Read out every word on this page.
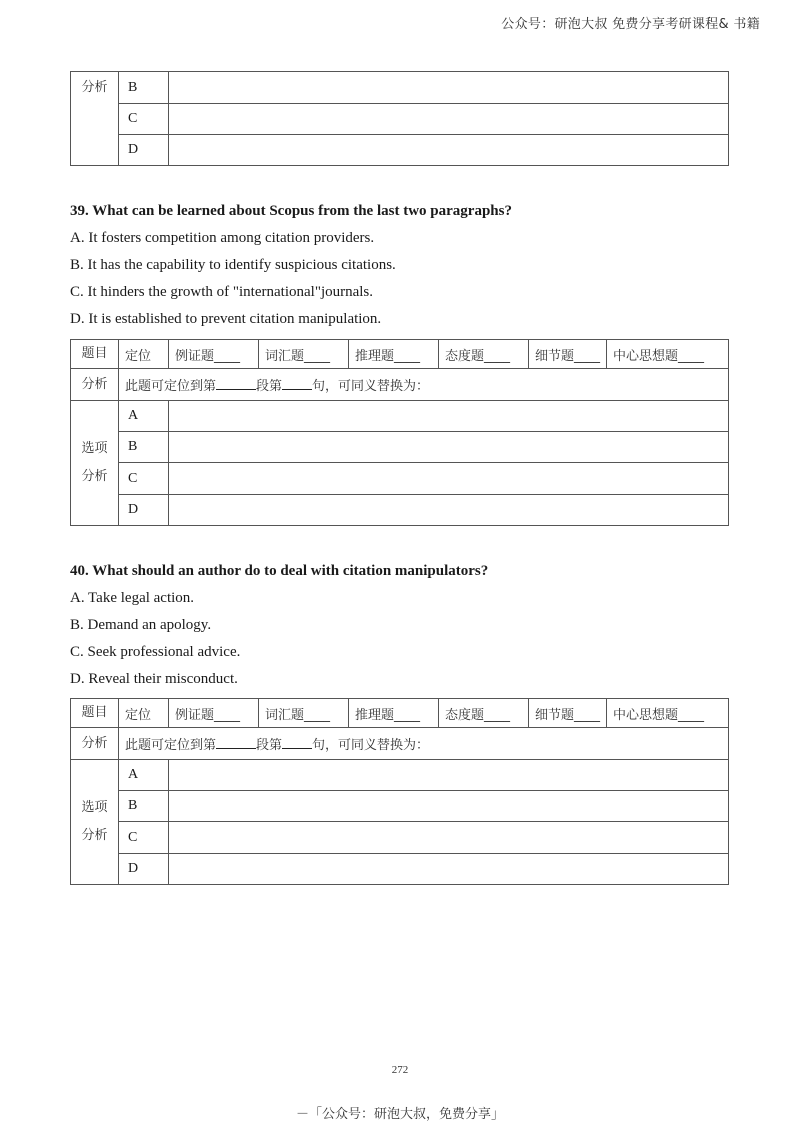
公众号：研泡大叔 免费分享考研课程& 书籍
分析	B	
	C	
	D	
39. What can be learned about Scopus from the last two paragraphs?
A. It fosters competition among citation providers.
B. It has the capability to identify suspicious citations.
C. It hinders the growth of "international"journals.
D. It is established to prevent citation manipulation.
题目	定位	例证题____	词汇题____	推理题____	态度题____	细节题____	中心思想题____
分析	此题可定位到第 段第 句，可同义替换为：						

选项
分析	A						
	B						
	C						
	D						
40. What should an author do to deal with citation manipulators?
A. Take legal action.
B. Demand an apology.
C. Seek professional advice.
D. Reveal their misconduct.
题目	定位	例证题____	词汇题____	推理题____	态度题____	细节题____	中心思想题____
分析	此题可定位到第 段第 句，可同义替换为：						

选项
分析	A						
	B						
	C						
	D						
272
－「公众号：研泡大叔，免费分享」
